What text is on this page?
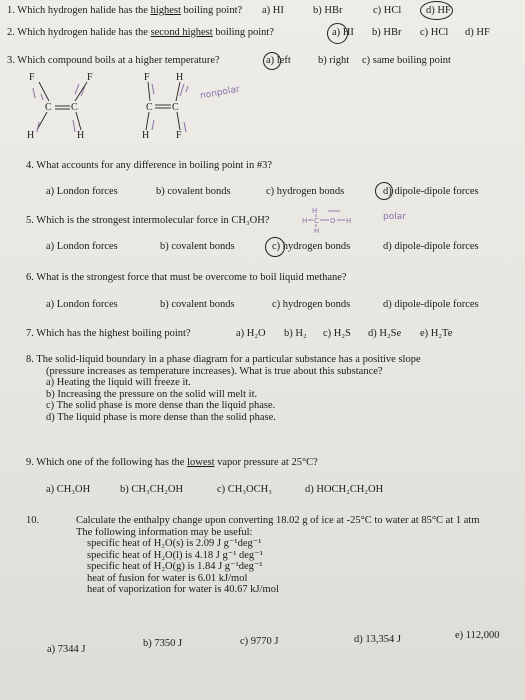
1. Which hydrogen halide has the highest boiling point? a) HI	b) HBr	c) HCl d) HF
2. Which hydrogen halide has the second highest boiling point?	a) HI b) HBr c) HCl d) HF
3. Which compound boils at a higher temperature?	a) left	b) right c) same boiling point
F	F
C C
H	H
F	H
C C
H	F
nonpolar
4. What accounts for any difference in boiling point in #3?
a) London forces	b) covalent bonds	c) hydrogen bonds	d) dipole-dipole forces
5. Which is the strongest intermolecular force in CH₃OH?
H
H C O H
H
polar
a) London forces	b) covalent bonds	c) hydrogen bonds	d) dipole-dipole forces
6. What is the strongest force that must be overcome to boil liquid methane?
a) London forces	b) covalent bonds	c) hydrogen bonds	d) dipole-dipole forces
7. Which has the highest boiling point?	a) H₂O b) H₂ c) H₂S d) H₂Se e) H₂Te
8. The solid-liquid boundary in a phase diagram for a particular substance has a positive slope
(pressure increases as temperature increases). What is true about this substance?
a) Heating the liquid will freeze it.
b) Increasing the pressure on the solid will melt it.
c) The solid phase is more dense than the liquid phase.
d) The liquid phase is more dense than the solid phase.
9. Which one of the following has the lowest vapor pressure at 25°C?
a) CH₃OH	b) CH₃CH₂OH	c) CH₃OCH₃	d) HOCH₂CH₂OH
10.	Calculate the enthalpy change upon converting 18.02 g of ice at -25°C to water at 85°C at 1 atm
The following information may be useful:
specific heat of H₂O(s) is 2.09 J g⁻¹deg⁻¹
specific heat of H₂O(l) is 4.18 J g⁻¹ deg⁻¹
specific heat of H₂O(g) is 1.84 J g⁻¹deg⁻¹
heat of fusion for water is 6.01 kJ/mol
heat of vaporization for water is 40.67 kJ/mol
a) 7344 J
b) 7350 J	c) 9770 J	d) 13,354 J	e) 112,000
